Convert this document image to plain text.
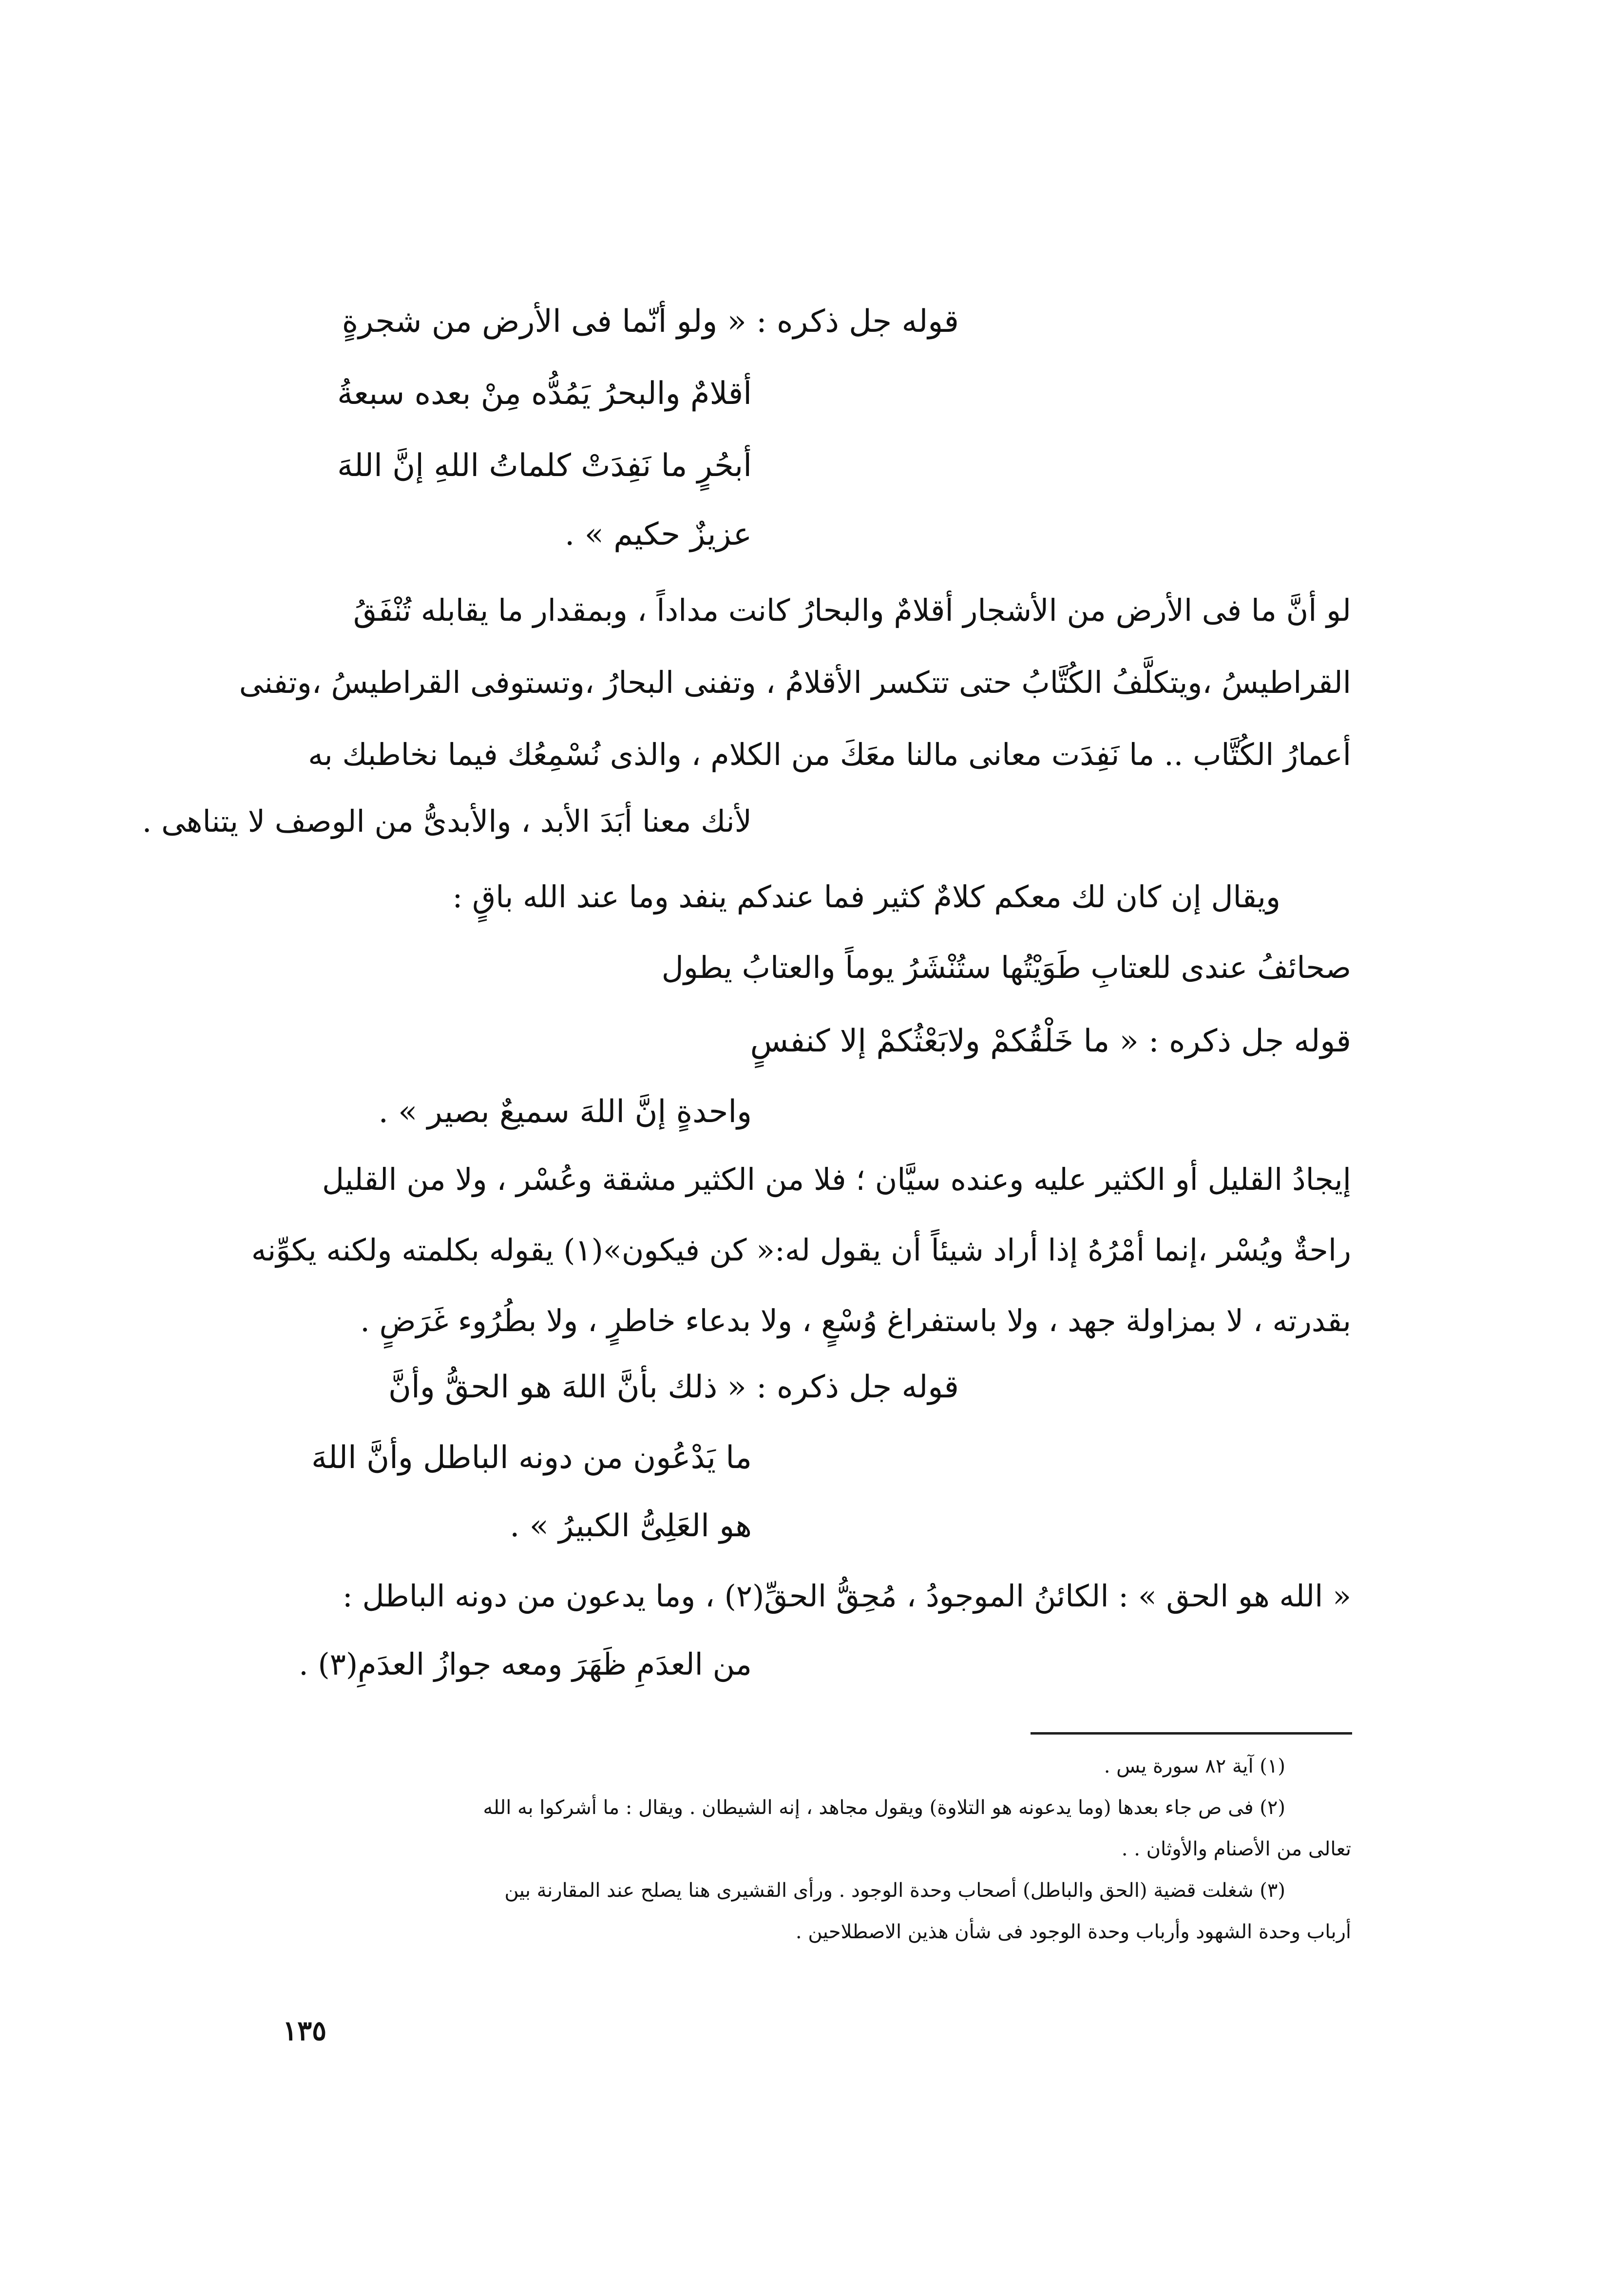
قوله جل ذكره : « ولو أنّما فى الأرض من شجرةٍ
أقلامٌ والبحرُ يَمُدُّه مِنْ بعده سبعةُ
أبحُرٍ ما نَفِدَتْ كلماتُ اللهِ إنَّ اللهَ
عزيزٌ حكيم » .
لو أنَّ ما فى الأرض من الأشجار أقلامٌ والبحارُ كانت مداداً ، وبمقدار ما يقابله تُنْفَقُ
القراطيسُ ،ويتكلَّفُ الكُتَّابُ حتى تتكسر الأقلامُ ، وتفنى البحارُ ،وتستوفى القراطيسُ ،وتفنى
أعمارُ الكُتَّاب .. ما نَفِدَت معانى مالنا معَكَ من الكلام ، والذى نُسْمِعُك فيما نخاطبك به
لأنك معنا أبَدَ الأبد ، والأبدىُّ من الوصف لا يتناهى .
ويقال إن كان لك معكم كلامٌ كثير فما عندكم ينفد وما عند الله باقٍ :
صحائفُ عندى للعتابِ طَوَيْتُها ستُنْشَرُ يوماً والعتابُ يطول
قوله جل ذكره : « ما خَلْقُكمْ ولابَعْثُكمْ إلا كنفسٍ
واحدةٍ إنَّ اللهَ سميعٌ بصير » .
إيجادُ القليل أو الكثير عليه وعنده سيَّان ؛ فلا من الكثير مشقة وعُسْر ، ولا من القليل
راحةٌ ويُسْر ،إنما أمْرُهُ إذا أراد شيئاً أن يقول له:« كن فيكون»(١) يقوله بكلمته ولكنه يكوِّنه
بقدرته ، لا بمزاولة جهد ، ولا باستفراغ وُسْعٍ ، ولا بدعاء خاطرٍ ، ولا بطُرُوء غَرَضٍ .
قوله جل ذكره : « ذلك بأنَّ اللهَ هو الحقُّ وأنَّ
ما يَدْعُون من دونه الباطل وأنَّ اللهَ
هو العَلِىُّ الكبيرُ » .
« الله هو الحق » : الكائنُ الموجودُ ، مُحِقُّ الحقِّ(٢) ، وما يدعون من دونه الباطل :
من العدَمِ ظَهَرَ ومعه جوازُ العدَمِ(٣) .
(١) آية ٨٢ سورة يس .
(٢) فى ص جاء بعدها (وما يدعونه هو التلاوة) ويقول مجاهد ، إنه الشيطان . ويقال : ما أشركوا به الله
تعالى من الأصنام والأوثان . .
(٣) شغلت قضية (الحق والباطل) أصحاب وحدة الوجود . ورأى القشيرى هنا يصلح عند المقارنة بين
أرباب وحدة الشهود وأرباب وحدة الوجود فى شأن هذين الاصطلاحين .
١٣٥
